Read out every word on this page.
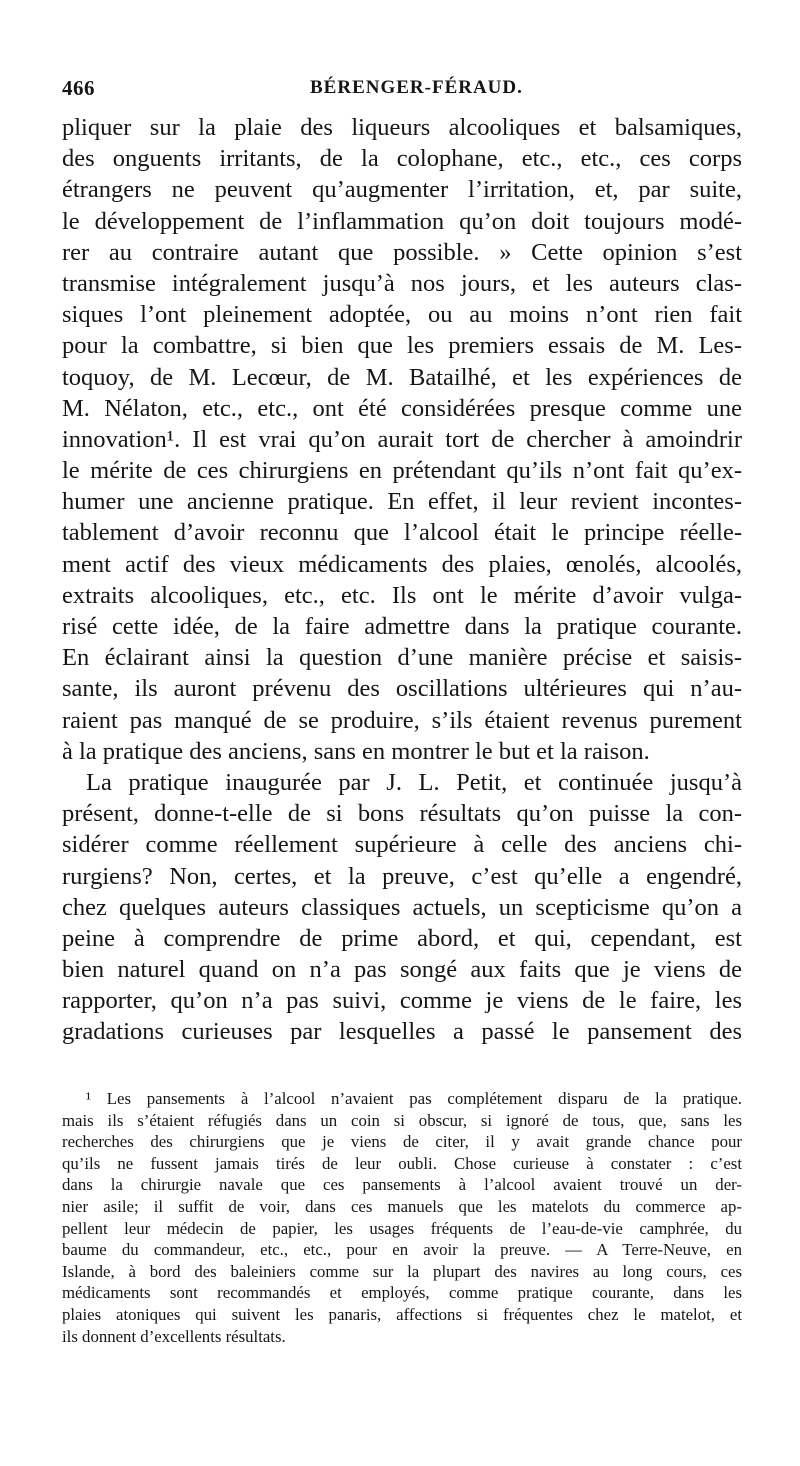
466	BÉRENGER-FÉRAUD.
pliquer sur la plaie des liqueurs alcooliques et balsamiques,
des onguents irritants, de la colophane, etc., etc., ces corps
étrangers ne peuvent qu’augmenter l’irritation, et, par suite,
le développement de l’inflammation qu’on doit toujours modé-
rer au contraire autant que possible. » Cette opinion s’est
transmise intégralement jusqu’à nos jours, et les auteurs clas-
siques l’ont pleinement adoptée, ou au moins n’ont rien fait
pour la combattre, si bien que les premiers essais de M. Les-
toquoy, de M. Lecœur, de M. Batailhé, et les expériences de
M. Nélaton, etc., etc., ont été considérées presque comme une
innovation¹. Il est vrai qu’on aurait tort de chercher à amoindrir
le mérite de ces chirurgiens en prétendant qu’ils n’ont fait qu’ex-
humer une ancienne pratique. En effet, il leur revient incontes-
tablement d’avoir reconnu que l’alcool était le principe réelle-
ment actif des vieux médicaments des plaies, œnolés, alcoolés,
extraits alcooliques, etc., etc. Ils ont le mérite d’avoir vulga-
risé cette idée, de la faire admettre dans la pratique courante.
En éclairant ainsi la question d’une manière précise et saisis-
sante, ils auront prévenu des oscillations ultérieures qui n’au-
raient pas manqué de se produire, s’ils étaient revenus purement
à la pratique des anciens, sans en montrer le but et la raison.
La pratique inaugurée par J. L. Petit, et continuée jusqu’à
présent, donne-t-elle de si bons résultats qu’on puisse la con-
sidérer comme réellement supérieure à celle des anciens chi-
rurgiens? Non, certes, et la preuve, c’est qu’elle a engendré,
chez quelques auteurs classiques actuels, un scepticisme qu’on a
peine à comprendre de prime abord, et qui, cependant, est
bien naturel quand on n’a pas songé aux faits que je viens de
rapporter, qu’on n’a pas suivi, comme je viens de le faire, les
gradations curieuses par lesquelles a passé le pansement des
¹ Les pansements à l’alcool n’avaient pas complétement disparu de la pratique.
mais ils s’étaient réfugiés dans un coin si obscur, si ignoré de tous, que, sans les
recherches des chirurgiens que je viens de citer, il y avait grande chance pour
qu’ils ne fussent jamais tirés de leur oubli. Chose curieuse à constater : c’est
dans la chirurgie navale que ces pansements à l’alcool avaient trouvé un der-
nier asile; il suffit de voir, dans ces manuels que les matelots du commerce ap-
pellent leur médecin de papier, les usages fréquents de l’eau-de-vie camphrée, du
baume du commandeur, etc., etc., pour en avoir la preuve. — A Terre-Neuve, en
Islande, à bord des baleiniers comme sur la plupart des navires au long cours, ces
médicaments sont recommandés et employés, comme pratique courante, dans les
plaies atoniques qui suivent les panaris, affections si fréquentes chez le matelot, et
ils donnent d’excellents résultats.
